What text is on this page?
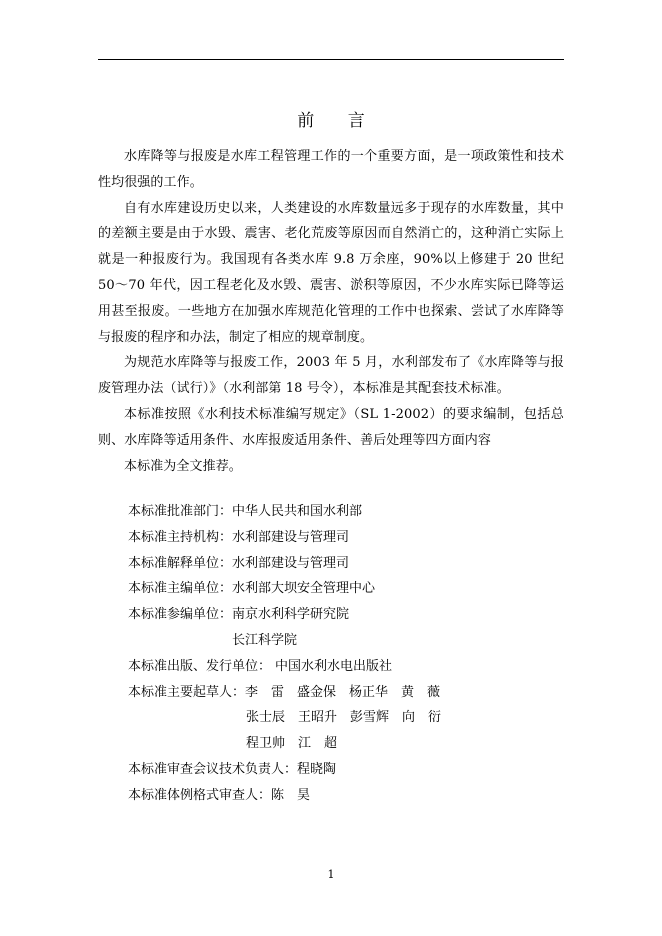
前 言

水库降等与报废是水库工程管理工作的一个重要方面，是一项政策性和技术性均很强的工作。

自有水库建设历史以来，人类建设的水库数量远多于现存的水库数量，其中的差额主要是由于水毁、震害、老化荒废等原因而自然消亡的，这种消亡实际上就是一种报废行为。我国现有各类水库 9.8 万余座，90%以上修建于 20 世纪 50～70 年代，因工程老化及水毁、震害、淤积等原因，不少水库实际已降等运用甚至报废。一些地方在加强水库规范化管理的工作中也探索、尝试了水库降等与报废的程序和办法，制定了相应的规章制度。

为规范水库降等与报废工作，2003 年 5 月，水利部发布了《水库降等与报废管理办法（试行）》（水利部第 18 号令），本标准是其配套技术标准。

本标准按照《水利技术标准编写规定》（SL 1-2002）的要求编制，包括总则、水库降等适用条件、水库报废适用条件、善后处理等四方面内容

本标准为全文推荐。

本标准批准部门：中华人民共和国水利部
本标准主持机构：水利部建设与管理司
本标准解释单位：水利部建设与管理司
本标准主编单位：水利部大坝安全管理中心
本标准参编单位：南京水利科学研究院
长江科学院
本标准出版、发行单位： 中国水利水电出版社
本标准主要起草人：李　雷　盛金保　杨正华　黄　薇
张士辰　王昭升　彭雪辉　向　衍
程卫帅　江　超
本标准审查会议技术负责人：程晓陶
本标准体例格式审查人：陈　昊
1
